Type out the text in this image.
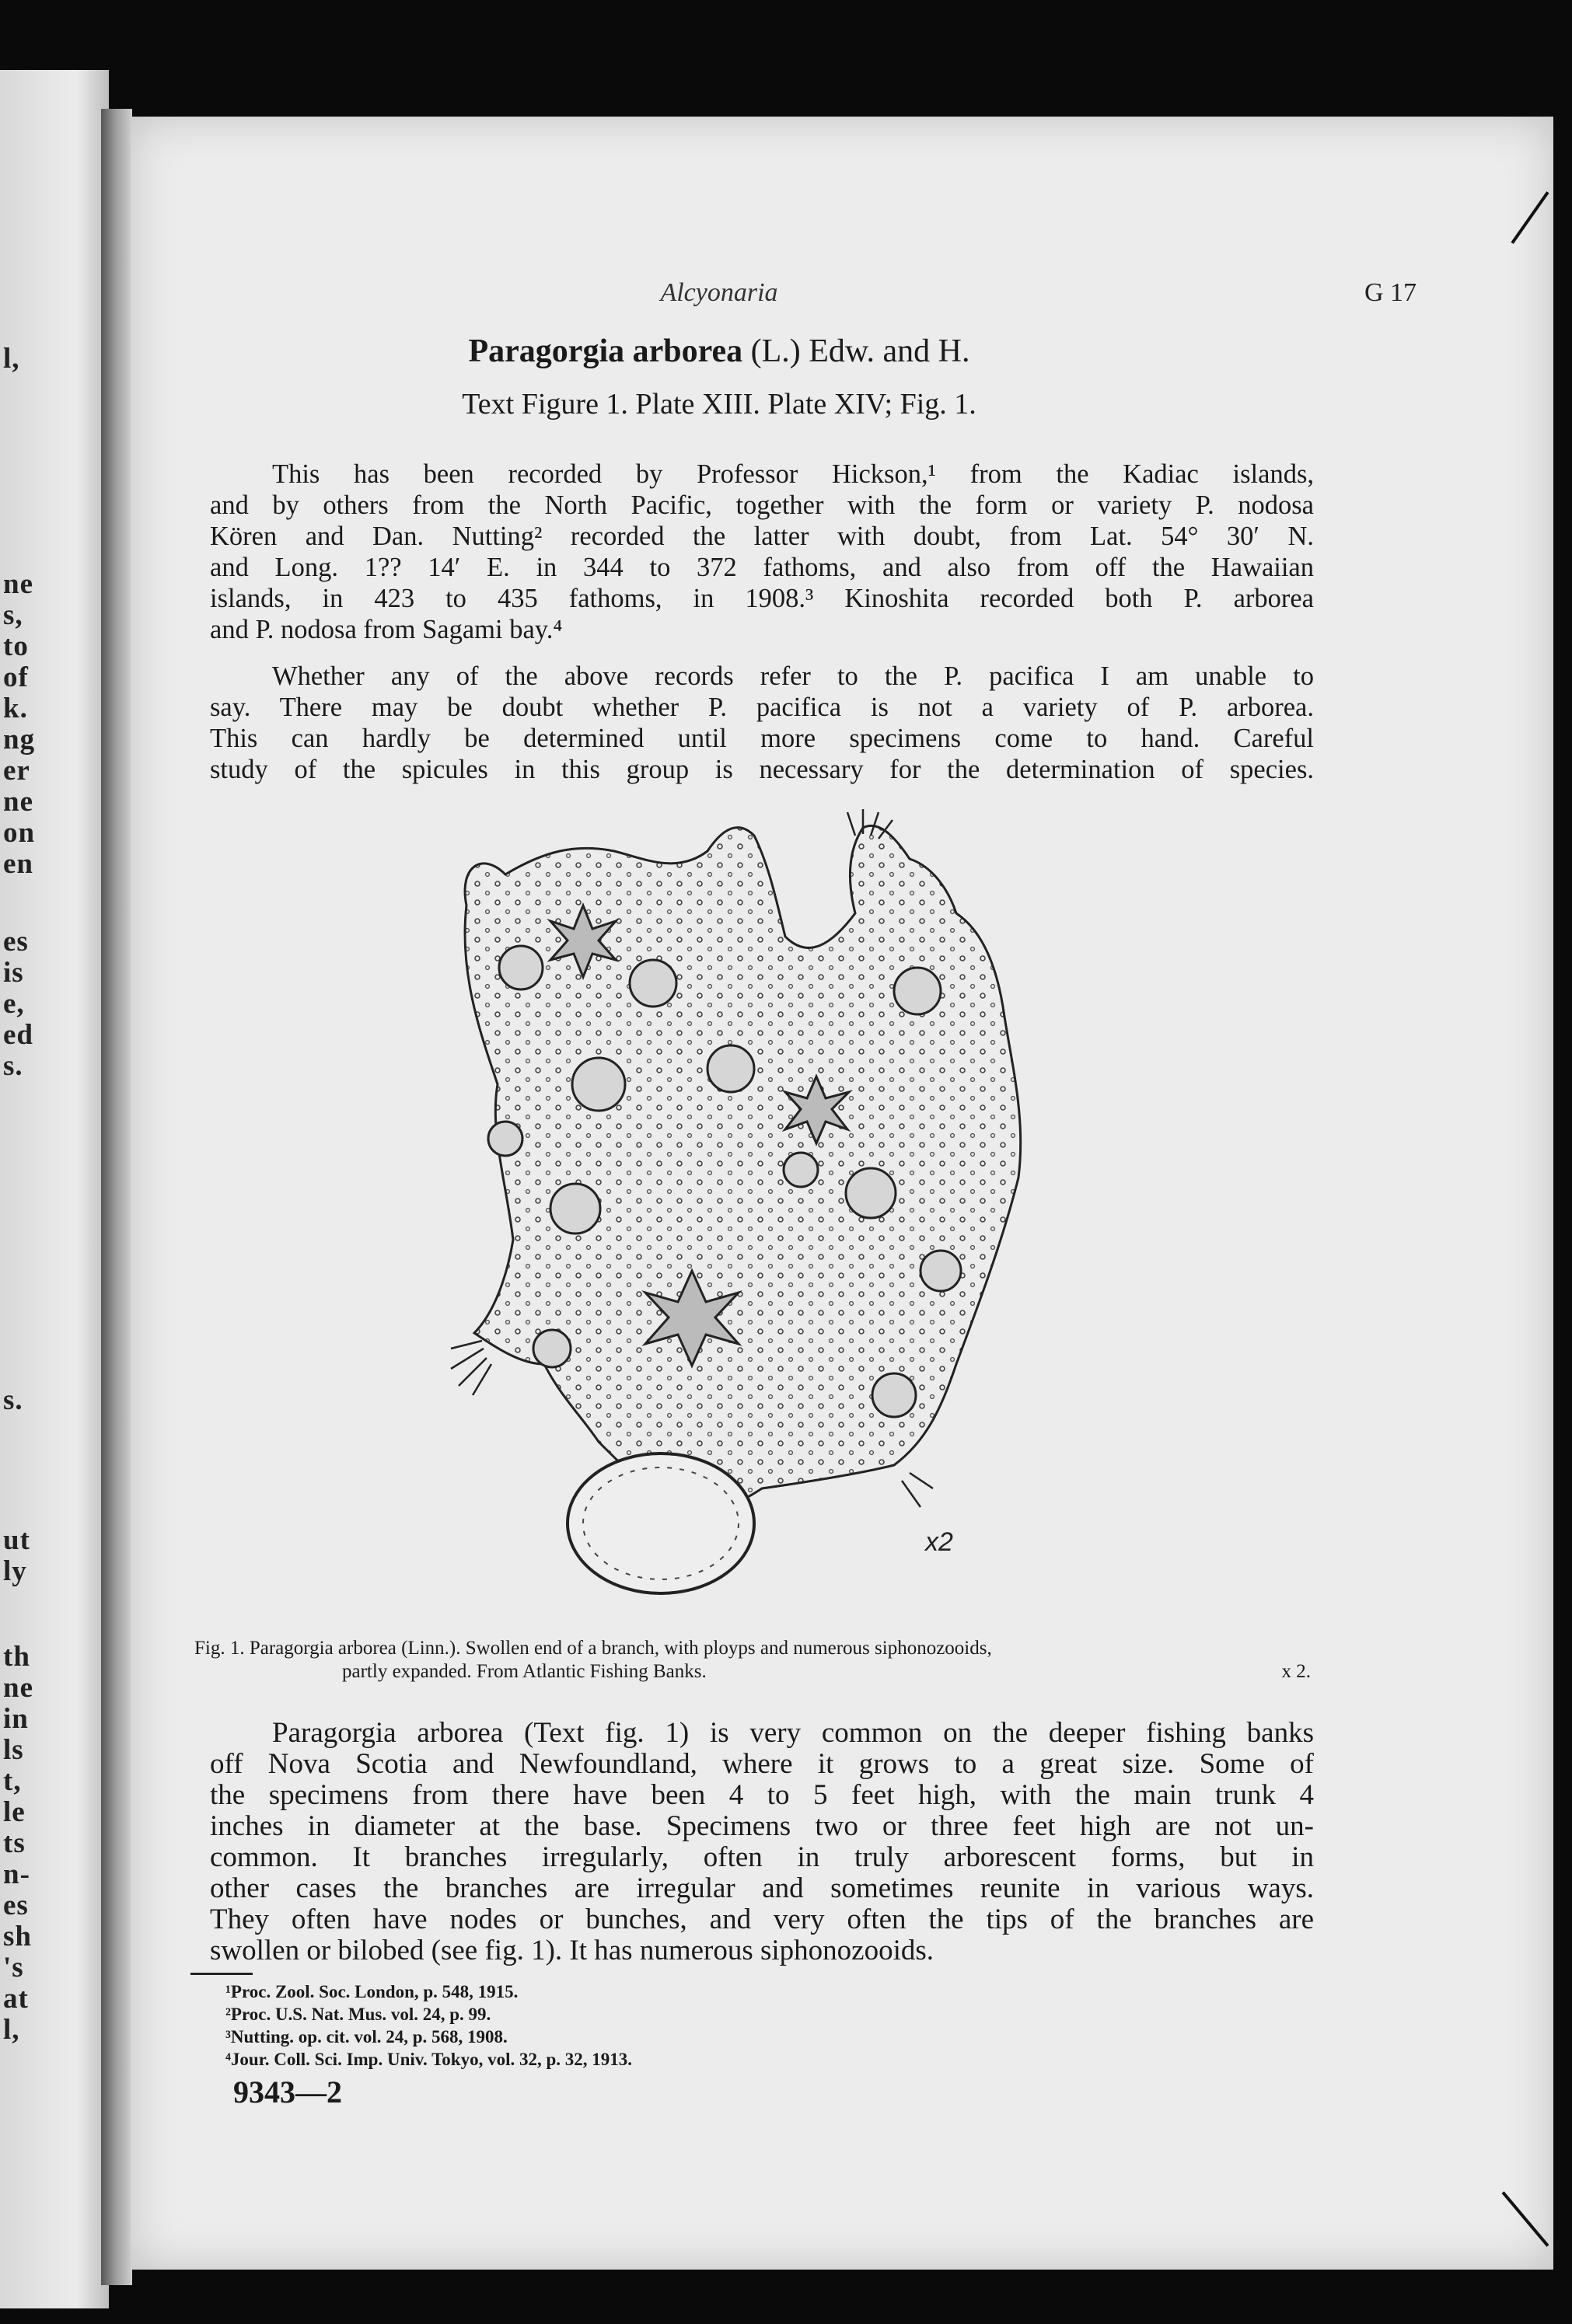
l,
ne
s,
to
of
k.
ng
er
ne
on
en
es
is
e,
ed
s.
s.
ut
ly
th
ne
in
ls
t,
le
ts
n-
es
sh
's
at
l,
Alcyonaria	G 17
Paragorgia arborea (L.) Edw. and H.
Text Figure 1. Plate XIII. Plate XIV; Fig. 1.
This has been recorded by Professor Hickson,¹ from the Kadiac islands,
and by others from the North Pacific, together with the form or variety P. nodosa
Kören and Dan. Nutting² recorded the latter with doubt, from Lat. 54° 30′ N.
and Long. 1?? 14′ E. in 344 to 372 fathoms, and also from off the Hawaiian
islands, in 423 to 435 fathoms, in 1908.³ Kinoshita recorded both P. arborea
and P. nodosa from Sagami bay.⁴
Whether any of the above records refer to the P. pacifica I am unable to
say. There may be doubt whether P. pacifica is not a variety of P. arborea.
This can hardly be determined until more specimens come to hand. Careful
study of the spicules in this group is necessary for the determination of species.
x2
Fig. 1. Paragorgia arborea (Linn.). Swollen end of a branch, with ployps and numerous siphonozooids,
partly expanded. From Atlantic Fishing Banks.	x 2.
Paragorgia arborea (Text fig. 1) is very common on the deeper fishing banks
off Nova Scotia and Newfoundland, where it grows to a great size. Some of
the specimens from there have been 4 to 5 feet high, with the main trunk 4
inches in diameter at the base. Specimens two or three feet high are not un-
common. It branches irregularly, often in truly arborescent forms, but in
other cases the branches are irregular and sometimes reunite in various ways.
They often have nodes or bunches, and very often the tips of the branches are
swollen or bilobed (see fig. 1). It has numerous siphonozooids.
¹Proc. Zool. Soc. London, p. 548, 1915.
²Proc. U.S. Nat. Mus. vol. 24, p. 99.
³Nutting. op. cit. vol. 24, p. 568, 1908.
⁴Jour. Coll. Sci. Imp. Univ. Tokyo, vol. 32, p. 32, 1913.
9343—2
